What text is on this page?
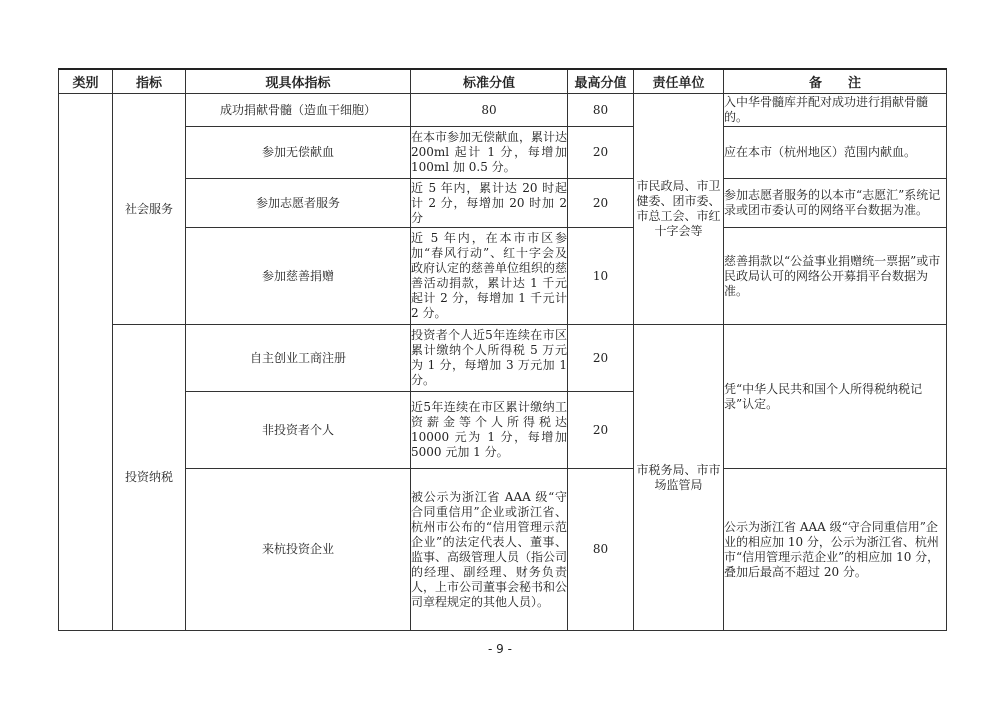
类别	指标	现具体指标	标准分值	最高分值	责任单位	备　　注
	社会服务	成功捐献骨髓（造血干细胞）	80	80	市民政局、市卫健委、团市委、市总工会、市红十字会等	入中华骨髓库并配对成功进行捐献骨髓的。
		参加无偿献血	在本市参加无偿献血，累计达 200ml 起计 1 分，每增加 100ml 加 0.5 分。	20		应在本市（杭州地区）范围内献血。
		参加志愿者服务	近 5 年内，累计达 20 时起计 2 分，每增加 20 时加 2 分	20		参加志愿者服务的以本市“志愿汇”系统记录或团市委认可的网络平台数据为准。
		参加慈善捐赠	近 5 年内，在本市市区参加“春风行动”、红十字会及政府认定的慈善单位组织的慈善活动捐款，累计达 1 千元起计 2 分，每增加 1 千元计 2 分。	10		慈善捐款以“公益事业捐赠统一票据”或市民政局认可的网络公开募捐平台数据为准。
	投资纳税	自主创业工商注册	投资者个人近5年连续在市区累计缴纳个人所得税 5 万元为 1 分，每增加 3 万元加 1 分。	20	市税务局、市市场监管局	凭“中华人民共和国个人所得税纳税记录”认定。
		非投资者个人	近5年连续在市区累计缴纳工资薪金等个人所得税达 10000 元为 1 分，每增加 5000 元加 1 分。	20		
		来杭投资企业	被公示为浙江省 AAA 级“守合同重信用”企业或浙江省、杭州市公布的“信用管理示范企业”的法定代表人、董事、监事、高级管理人员（指公司的经理、副经理、财务负责人，上市公司董事会秘书和公司章程规定的其他人员）。	80		公示为浙江省 AAA 级“守合同重信用”企业的相应加 10 分，公示为浙江省、杭州市“信用管理示范企业”的相应加 10 分，叠加后最高不超过 20 分。
- 9 -
